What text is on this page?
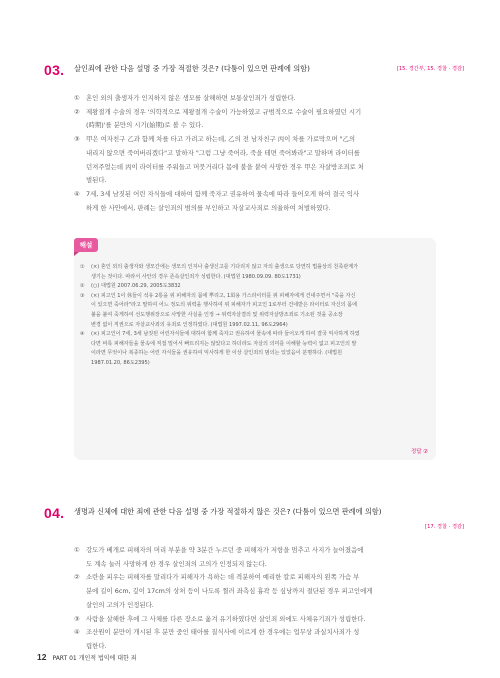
03. 살인죄에 관한 다음 설명 중 가장 적절한 것은? (다툼이 있으면 판례에 의함)	[15. 경간부, 15. 경찰 · 경감]
① 혼인 외의 출생자가 인지하지 않은 생모를 살해하면 보통살인죄가 성립한다.
② 제왕절개 수술의 경우 '의학적으로 제왕절개 수술이 가능하였고 규범적으로 수술이 필요하였던 시기
(時期)'를 분만의 시기(始期)로 볼 수 있다.
③ 甲은 여자친구 乙과 함께 차를 타고 가려고 하는데, 乙의 전 남자친구 丙이 차를 가로막으며 "乙의
내리지 않으면 죽여버리겠다"고 말하자 "그럼 그냥 죽어라, 죽을 테면 죽어봐라"고 말하며 라이터를
던져주었는데 丙이 라이터를 주워들고 머뭇거리다 몸에 불을 붙여 사망한 경우 甲은 자살방조죄로 처
벌된다.
④ 7세, 3세 남짓된 어린 자식들에 대하여 함께 죽자고 권유하여 물속에 따라 들어오게 하여 결국 익사
하게 한 사안에서, 판례는 살인죄의 범의를 부인하고 자살교사죄로 의율하여 처벌하였다.
해설
① (×) 혼인 외의 출생자와 생모간에는 생모의 인지나 출생신고를 기다리지 않고 자의 출생으로 당연히 법률상의 친족관계가
생기는 것이다. 따라서 사안의 경우 존속살인죄가 성립한다. (대법원 1980.09.09. 80도1731)
② (○) 대법원 2007.06.29, 2005도3832
③ (×) 피고인 1이 休들이 석유 2통을 위 피해자의 몸에 뿌리고, 1회용 가스라이터를 위 피해자에게 건네주면서 "죽을 자신
이 있으면 죽어라"라고 말하여 어느 정도의 위력을 행사하여 위 피해자가 피고인 1로부터 건네받은 라이터로 자신의 몸에
불을 붙여 죽게하여 선도행위장으로 사망한 사실을 인정 → 위력자살결의 및 위력자살방조죄로 기소된 것을 공소장
변경 없이 직권으로 자살교사죄의 유죄로 인정하였다. (대법원 1997.02.11, 96도2964)
④ (×) 피고인이 7세, 3세 남짓된 어린자식들에 대하여 함께 죽자고 권유하여 물속에 따라 들어오게 하여 결국 익사하게 하였
다면 비록 피해자들을 물속에 직접 밀어서 빠뜨리지는 않았다고 하더라도 자살의 의미를 이해할 능력이 없고 피고인의 말
이라면 무엇이나 복종하는 어린 자식들을 권유하여 익사하게 한 이상 살인죄의 범의는 있었음이 분명하다. (대법원
1987.01.20, 86도2395)
정답 ②
04. 생명과 신체에 대한 죄에 관한 다음 설명 중 가장 적절하지 않은 것은? (다툼이 있으면 판례에 의함)
[17. 경찰 · 경감]
① 강도가 베개로 피해자의 머리 부분을 약 3분간 누르던 중 피해자가 저항을 멈추고 사지가 늘어졌음에
도 계속 눌러 사망하게 한 경우 살인죄의 고의가 인정되지 않는다.
② 소란을 피우는 피해자를 말리다가 피해자가 욕하는 데 격분하여 예리한 칼로 피해자의 왼쪽 가슴 부
분에 길이 6cm, 깊이 17cm의 상처 등이 나도록 찔러 좌측심 흉곽 등 심낭까지 절단된 경우 피고인에게
살인의 고의가 인정된다.
③ 사람을 살해한 후에 그 사체를 다른 장소로 옮겨 유기하였다면 살인죄 외에도 사체유기죄가 성립한다.
④ 조산원이 분만이 개시된 후 분만 중인 태아를 질식사에 이르게 한 경우에는 업무상 과실치사죄가 성
립한다.
12 PART 01 개인적 법익에 대한 죄
